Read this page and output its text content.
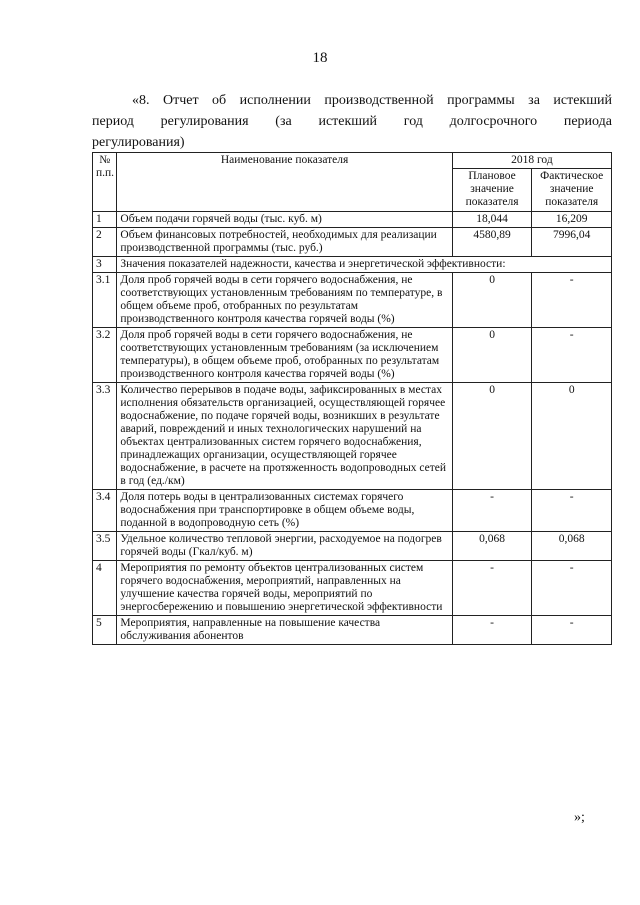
18
«8. Отчет об исполнении производственной программы за истекший
период регулирования (за истекший год долгосрочного периода
регулирования)
№ п.п.	Наименование показателя	2018 год	
		Плановое значение показателя	Фактическое значение показателя
1	Объем подачи горячей воды (тыс. куб. м)	18,044	16,209
2	Объем финансовых потребностей, необходимых для реализации производственной программы (тыс. руб.)	4580,89	7996,04
3	Значения показателей надежности, качества и энергетической эффективности:		
3.1	Доля проб горячей воды в сети горячего водоснабжения, не соответствующих установленным требованиям по температуре, в общем объеме проб, отобранных по результатам производственного контроля качества горячей воды (%)	0	-
3.2	Доля проб горячей воды в сети горячего водоснабжения, не соответствующих установленным требованиям (за исключением температуры), в общем объеме проб, отобранных по результатам производственного контроля качества горячей воды (%)	0	-
3.3	Количество перерывов в подаче воды, зафиксированных в местах исполнения обязательств организацией, осуществляющей горячее водоснабжение, по подаче горячей воды, возникших в результате аварий, повреждений и иных технологических нарушений на объектах централизованных систем горячего водоснабжения, принадлежащих организации, осуществляющей горячее водоснабжение, в расчете на протяженность водопроводных сетей в год (ед./км)	0	0
3.4	Доля потерь воды в централизованных системах горячего водоснабжения при транспортировке в общем объеме воды, поданной в водопроводную сеть (%)	-	-
3.5	Удельное количество тепловой энергии, расходуемое на подогрев горячей воды (Гкал/куб. м)	0,068	0,068
4	Мероприятия по ремонту объектов централизованных систем горячего водоснабжения, мероприятий, направленных на улучшение качества горячей воды, мероприятий по энергосбережению и повышению энергетической эффективности	-	-
5	Мероприятия, направленные на повышение качества обслуживания абонентов	-	-
»;
